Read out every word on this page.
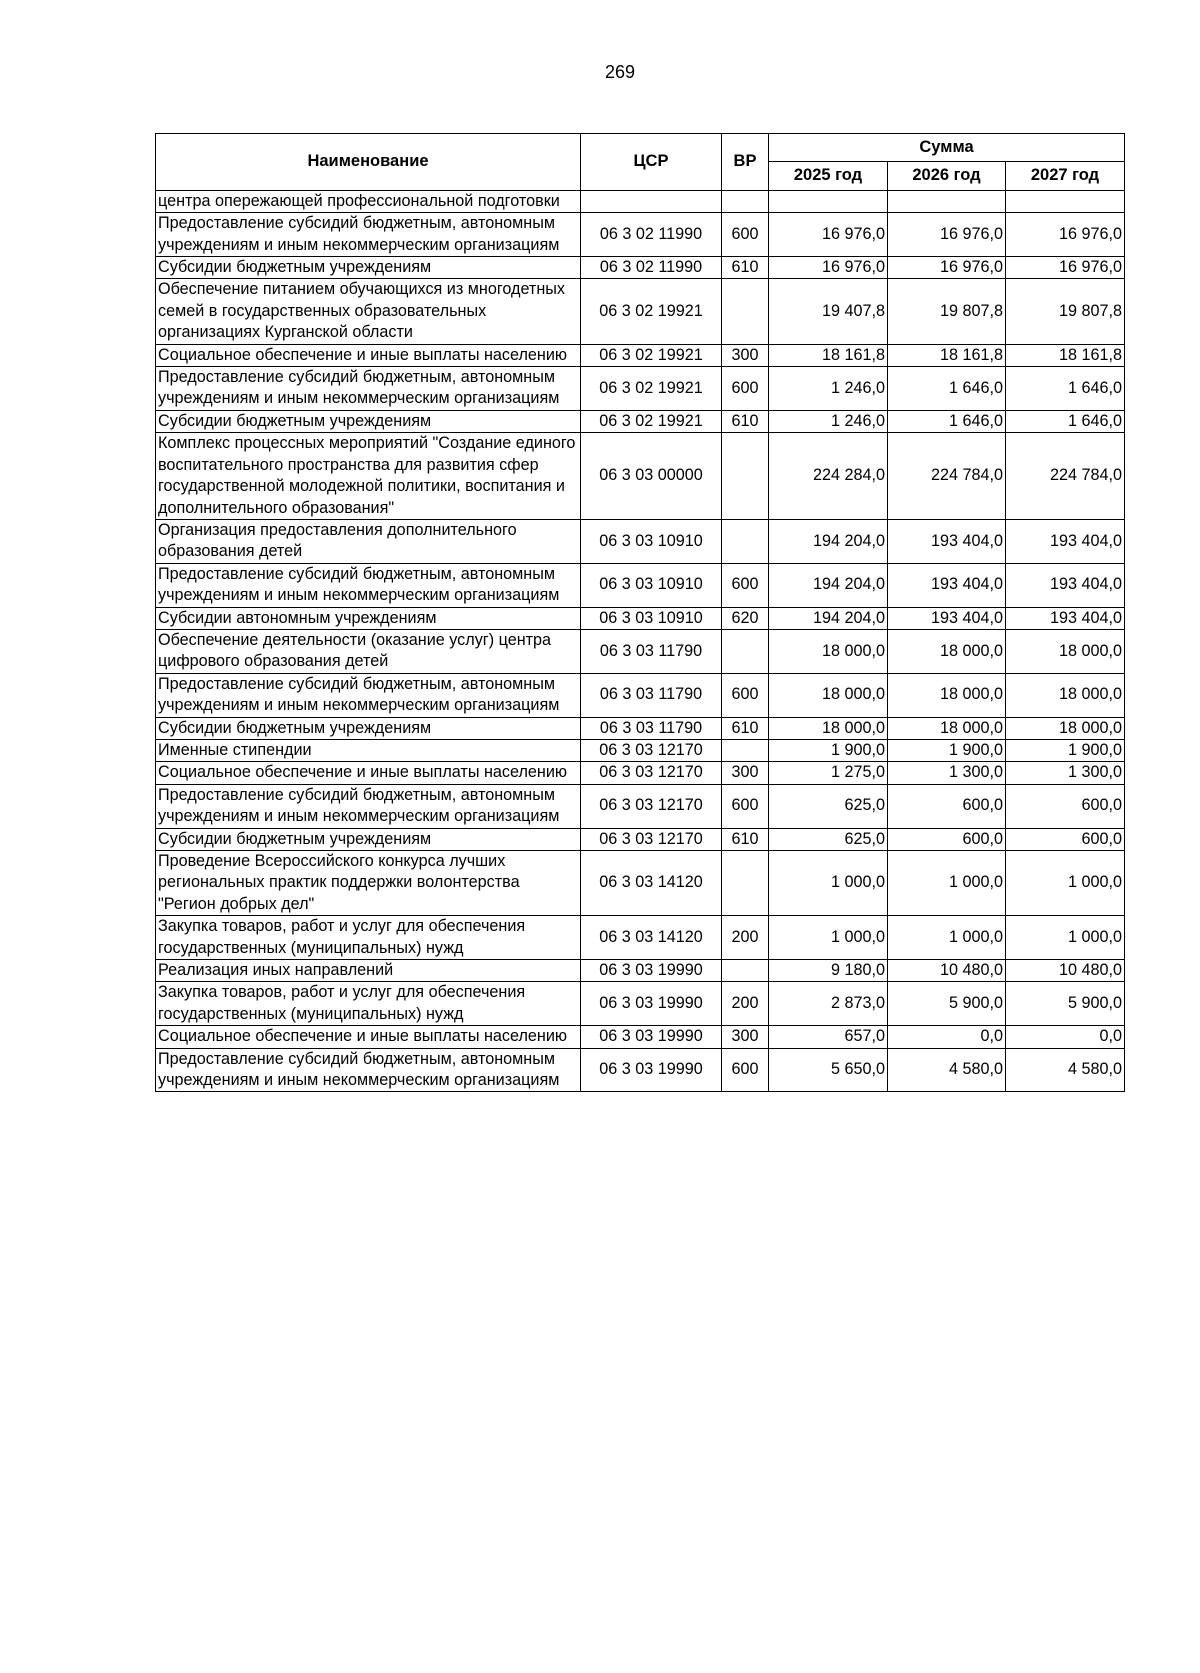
269
Наименование	ЦСР	ВР	Сумма		
			2025 год	2026 год	2027 год
центра опережающей профессиональной подготовки					
Предоставление субсидий бюджетным, автономным учреждениям и иным некоммерческим организациям	06 3 02 11990	600	16 976,0	16 976,0	16 976,0
Субсидии бюджетным учреждениям	06 3 02 11990	610	16 976,0	16 976,0	16 976,0
Обеспечение питанием обучающихся из многодетных семей в государственных образовательных организациях Курганской области	06 3 02 19921		19 407,8	19 807,8	19 807,8
Социальное обеспечение и иные выплаты населению	06 3 02 19921	300	18 161,8	18 161,8	18 161,8
Предоставление субсидий бюджетным, автономным учреждениям и иным некоммерческим организациям	06 3 02 19921	600	1 246,0	1 646,0	1 646,0
Субсидии бюджетным учреждениям	06 3 02 19921	610	1 246,0	1 646,0	1 646,0
Комплекс процессных мероприятий "Создание единого воспитательного пространства для развития сфер государственной молодежной политики, воспитания и дополнительного образования"	06 3 03 00000		224 284,0	224 784,0	224 784,0
Организация предоставления дополнительного образования детей	06 3 03 10910		194 204,0	193 404,0	193 404,0
Предоставление субсидий бюджетным, автономным учреждениям и иным некоммерческим организациям	06 3 03 10910	600	194 204,0	193 404,0	193 404,0
Субсидии автономным учреждениям	06 3 03 10910	620	194 204,0	193 404,0	193 404,0
Обеспечение деятельности (оказание услуг) центра цифрового образования детей	06 3 03 11790		18 000,0	18 000,0	18 000,0
Предоставление субсидий бюджетным, автономным учреждениям и иным некоммерческим организациям	06 3 03 11790	600	18 000,0	18 000,0	18 000,0
Субсидии бюджетным учреждениям	06 3 03 11790	610	18 000,0	18 000,0	18 000,0
Именные стипендии	06 3 03 12170		1 900,0	1 900,0	1 900,0
Социальное обеспечение и иные выплаты населению	06 3 03 12170	300	1 275,0	1 300,0	1 300,0
Предоставление субсидий бюджетным, автономным учреждениям и иным некоммерческим организациям	06 3 03 12170	600	625,0	600,0	600,0
Субсидии бюджетным учреждениям	06 3 03 12170	610	625,0	600,0	600,0
Проведение Всероссийского конкурса лучших региональных практик поддержки волонтерства "Регион добрых дел"	06 3 03 14120		1 000,0	1 000,0	1 000,0
Закупка товаров, работ и услуг для обеспечения государственных (муниципальных) нужд	06 3 03 14120	200	1 000,0	1 000,0	1 000,0
Реализация иных направлений	06 3 03 19990		9 180,0	10 480,0	10 480,0
Закупка товаров, работ и услуг для обеспечения государственных (муниципальных) нужд	06 3 03 19990	200	2 873,0	5 900,0	5 900,0
Социальное обеспечение и иные выплаты населению	06 3 03 19990	300	657,0	0,0	0,0
Предоставление субсидий бюджетным, автономным учреждениям и иным некоммерческим организациям	06 3 03 19990	600	5 650,0	4 580,0	4 580,0
